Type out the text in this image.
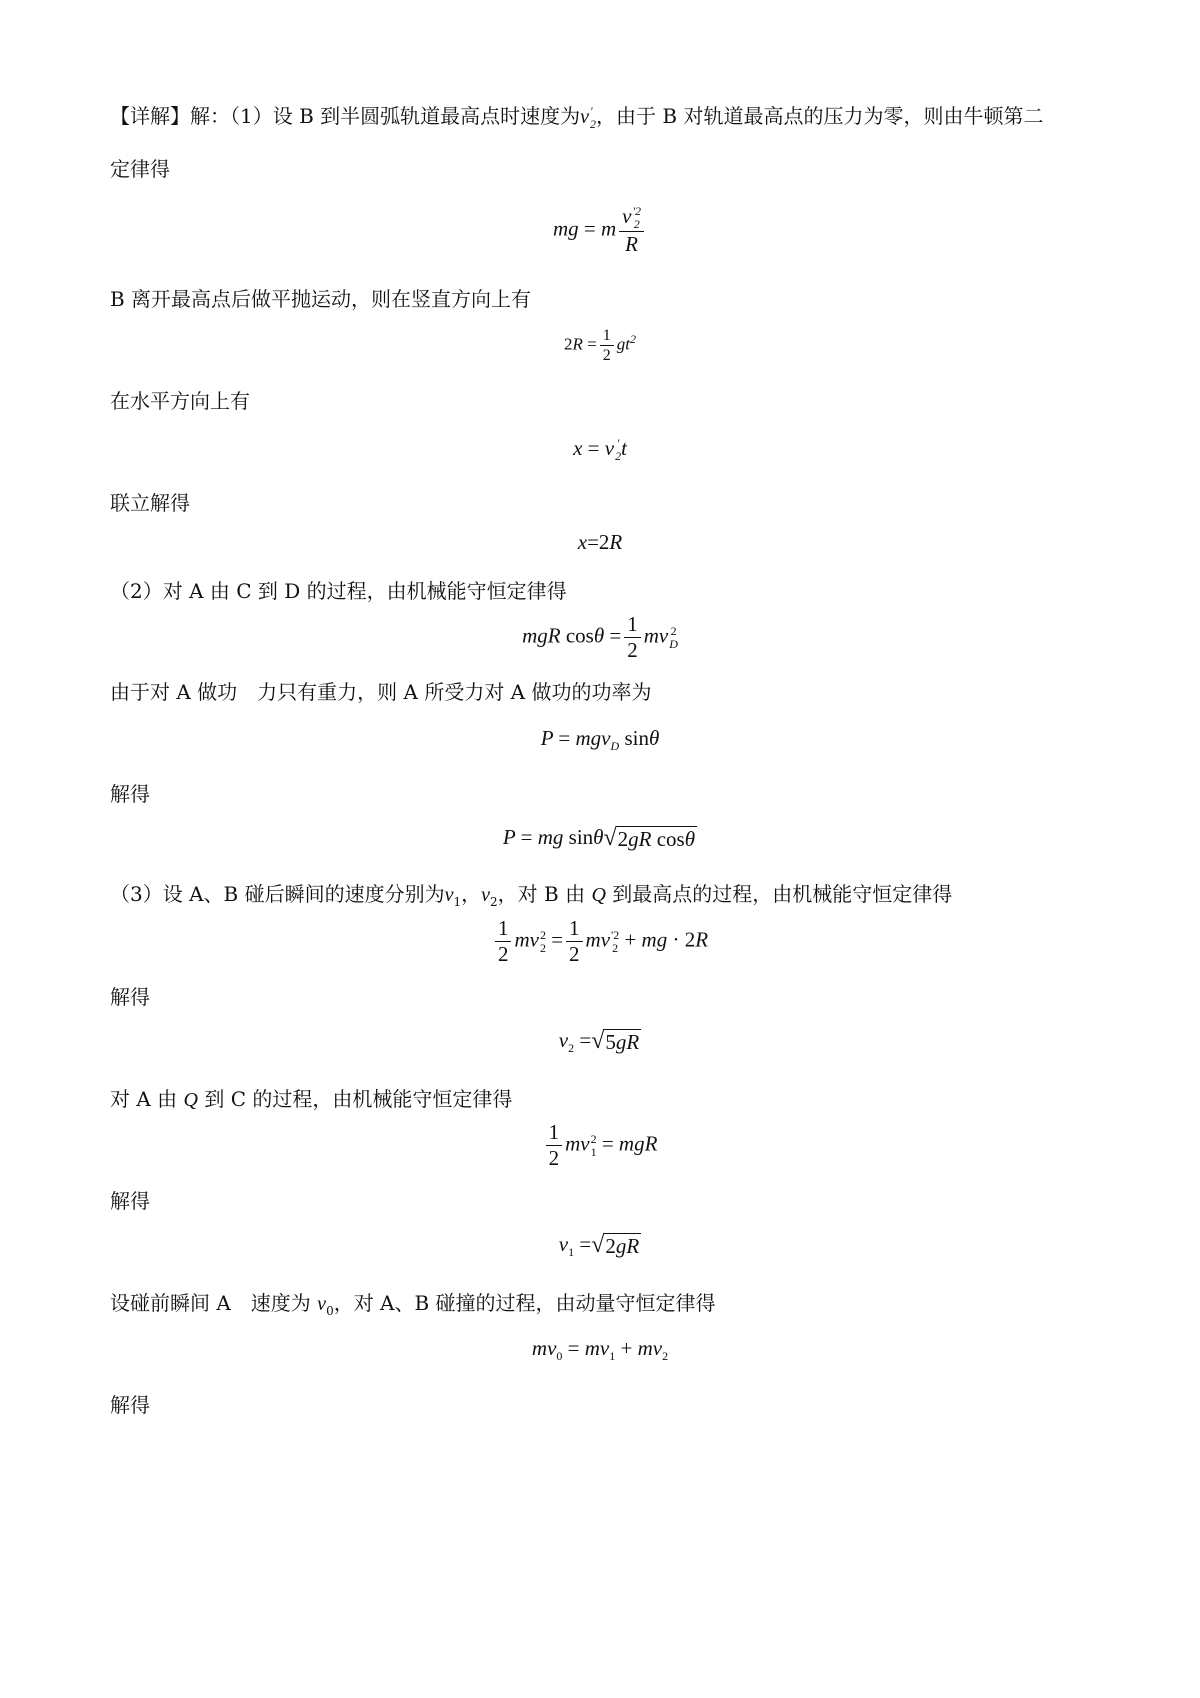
【详解】解：（1）设 B 到半圆弧轨道最高点时速度为v '
2 ，由于 B 对轨道最高点的压力为零，则由牛顿第二
定律得
mg = m v '2
2
R
B 离开最高点后做平抛运动，则在竖直方向上有
$2R = \frac{1}{2} gt^2$
在水平方向上有
x = v '
2 t
联立解得
x=2R
（2）对 A 由 C 到 D 的过程，由机械能守恒定律得
mgR $\cos\theta = \frac{1}{2}$ mv 2
D
由于对 A 做功　力只有重力，则 A 所受力对 A 做功的功率为
P = mgv$_D$ sinθ
解得
P = mg sinθ √ 2gR cosθ
（3）设 A、B 碰后瞬间的速度分别为$v_1$，$v_2$，对 B 由 Q 到最高点的过程，由机械能守恒定律得
$\frac{1}{2}$ mv 2
$2 = \frac{1}{2}$ mv '2
2 + mg · 2R
解得
$v_2$ = √ 5gR
对 A 由 Q 到 C 的过程，由机械能守恒定律得
$\frac{1}{2}$ mv 2
1 = mgR
解得
$v_1$ = √ 2gR
设碰前瞬间 A　速度为 $v_0$，对 A、B 碰撞的过程，由动量守恒定律得
$mv_0 = mv_1 + mv_2$
解得
